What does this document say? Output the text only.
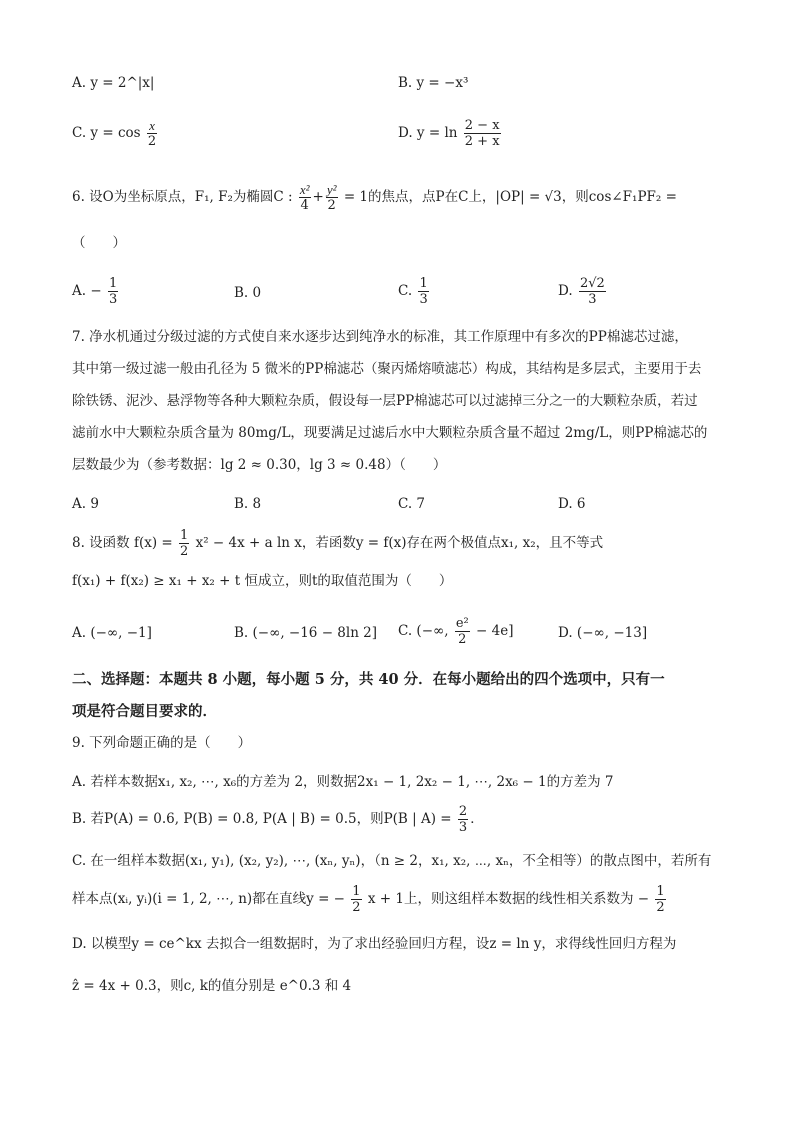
A. y = 2^|x|	B. y = −x³
C. $y = \cos \frac{x}{2}$	D. $y = \ln \frac{2 - x}{2 + x}$
6. 设O为坐标原点，F₁, F₂为椭圆C : $\frac{\text{x²}}{4} + \frac{\text{y²}}{2} = 1$的焦点，点P在C上，|OP| = √3，则cos∠F₁PF₂ =
（　　）
A. − $\frac{1}{3}$	B. 0	C. $\frac{1}{3}$	D. $\frac{2√2}{3}$
7. 净水机通过分级过滤的方式使自来水逐步达到纯净水的标准，其工作原理中有多次的PP棉滤芯过滤，
其中第一级过滤一般由孔径为 5 微米的PP棉滤芯（聚丙烯熔喷滤芯）构成，其结构是多层式，主要用于去
除铁锈、泥沙、悬浮物等各种大颗粒杂质，假设每一层PP棉滤芯可以过滤掉三分之一的大颗粒杂质，若过
滤前水中大颗粒杂质含量为 80mg/L，现要满足过滤后水中大颗粒杂质含量不超过 2mg/L，则PP棉滤芯的
层数最少为（参考数据：lg 2 ≈ 0.30，lg 3 ≈ 0.48）（　　）
A. 9	B. 8	C. 7	D. 6
8. 设函数 $f(x) = \frac{1}{2} x^2 - 4x + a$ ln x，若函数y = f(x)存在两个极值点x₁, x₂，且不等式
f(x₁) + f(x₂) ≥ x₁ + x₂ + t 恒成立，则t的取值范围为（　　）
A. (−∞, −1]	B. (−∞, −16 − 8ln 2] C. (−∞, $\frac{\text{e²}}{2} - 4e$]	D. (−∞, −13]
二、选择题：本题共 8 小题，每小题 5 分，共 40 分．在每小题给出的四个选项中，只有一
项是符合题目要求的．
9. 下列命题正确的是（　　）
A. 若样本数据x₁, x₂, ⋯, x₆的方差为 2，则数据2x₁ − 1, 2x₂ − 1, ⋯, 2x₆ − 1的方差为 7
B. 若P(A) = 0.6, P(B) = 0.8, P(A | B) = 0.5，则P(B | $A) = \frac{2}{3}$ ．
C. 在一组样本数据(x₁, y₁), (x₂, y₂), ⋯, (xₙ, yₙ)，（n ≥ 2，x₁, x₂, ⋯, xₙ，不全相等）的散点图中，若所有
样本点(xᵢ, yᵢ)(i = 1, 2, ⋯, n)都在直线y = − $\frac{1}{2}$ x + 1上，则这组样本数据的线性相关系数为 − $\frac{1}{2}$
D. 以模型y = ce^kx 去拟合一组数据时，为了求出经验回归方程，设z = ln y，求得线性回归方程为
ẑ = 4x + 0.3，则c, k的值分别是 e^0.3 和 4
